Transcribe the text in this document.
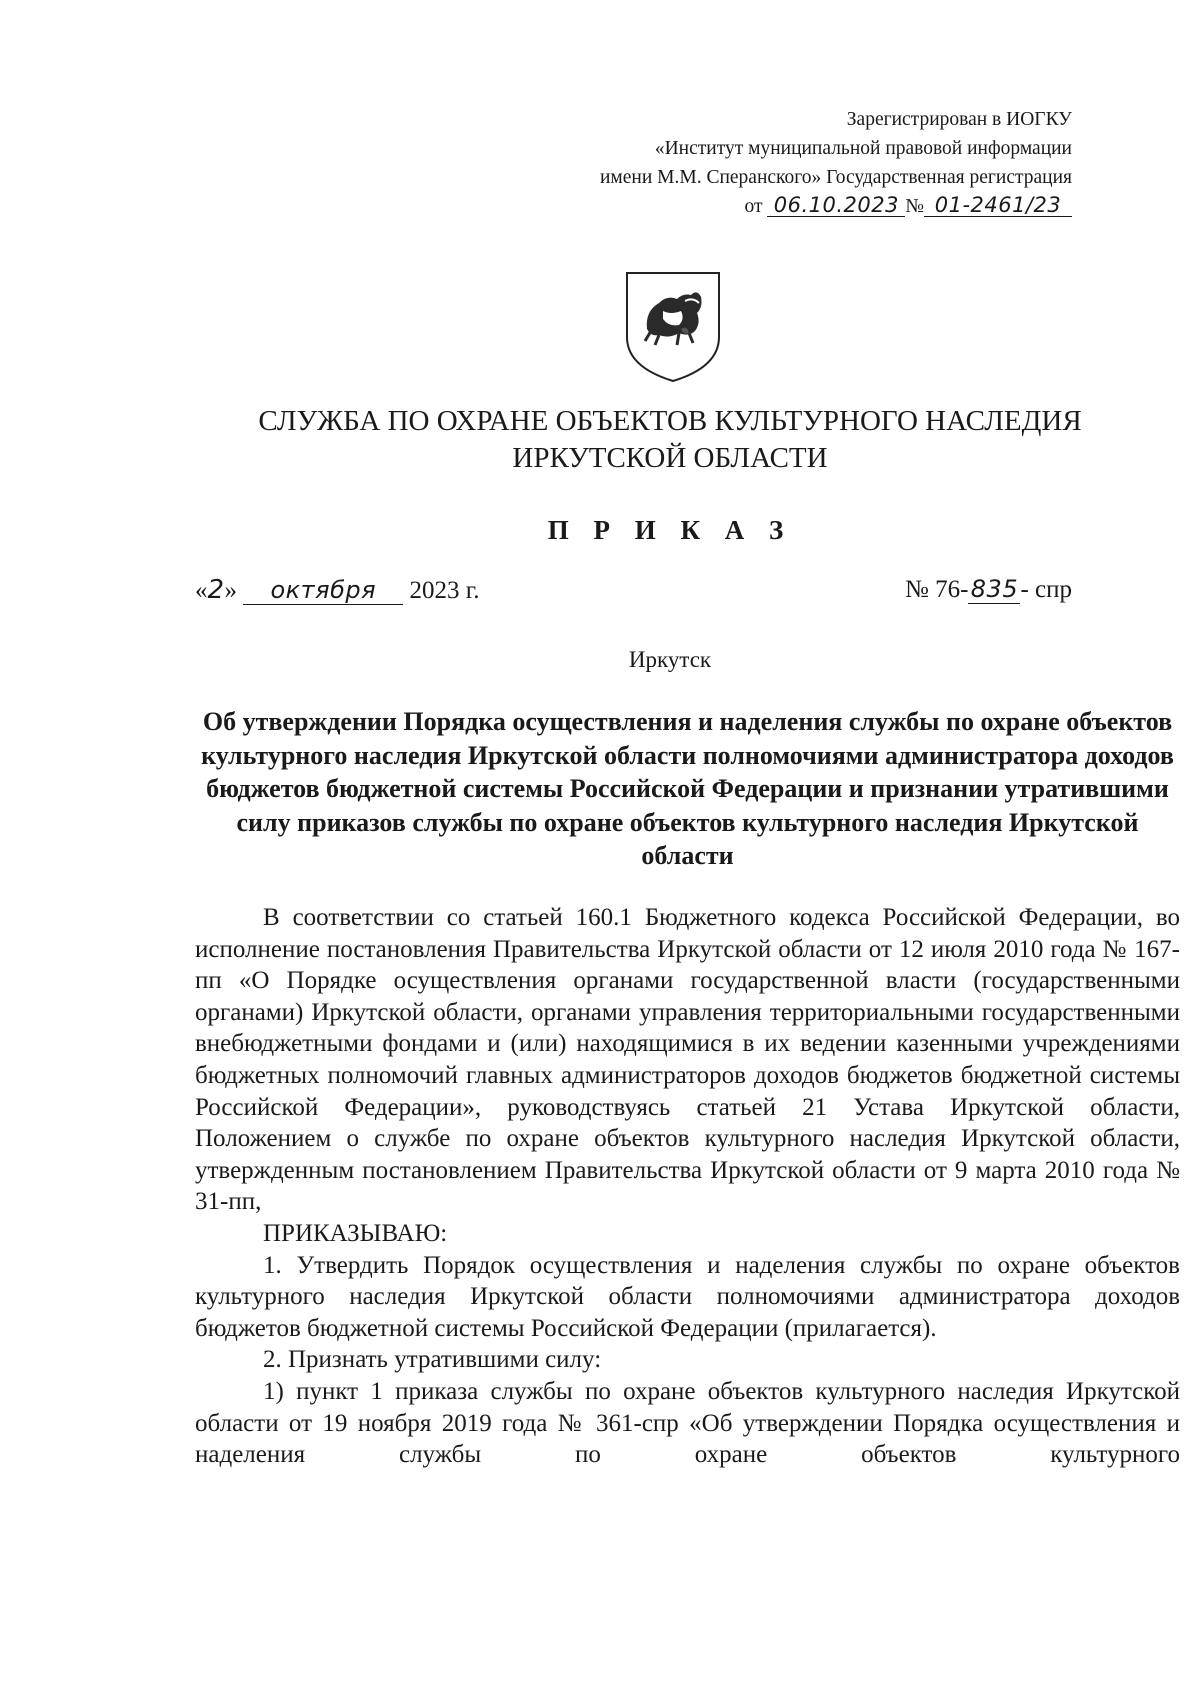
Зарегистрирован в ИОГКУ
«Институт муниципальной правовой информации
имени М.М. Сперанского» Государственная регистрация
от 06.10.2023 № 01-2461/23
СЛУЖБА ПО ОХРАНЕ ОБЪЕКТОВ КУЛЬТУРНОГО НАСЛЕДИЯ
ИРКУТСКОЙ ОБЛАСТИ
П Р И К А З
«2» октября 2023 г.	№ 76-835- спр
Иркутск
Об утверждении Порядка осуществления и наделения службы по охране объектов культурного наследия Иркутской области полномочиями администратора доходов бюджетов бюджетной системы Российской Федерации и признании утратившими силу приказов службы по охране объектов культурного наследия Иркутской области

В соответствии со статьей 160.1 Бюджетного кодекса Российской Федерации, во исполнение постановления Правительства Иркутской области от 12 июля 2010 года № 167-пп «О Порядке осуществления органами государственной власти (государственными органами) Иркутской области, органами управления территориальными государственными внебюджетными фондами и (или) находящимися в их ведении казенными учреждениями бюджетных полномочий главных администраторов доходов бюджетов бюджетной системы Российской Федерации», руководствуясь статьей 21 Устава Иркутской области, Положением о службе по охране объектов культурного наследия Иркутской области, утвержденным постановлением Правительства Иркутской области от 9 марта 2010 года № 31-пп,

ПРИКАЗЫВАЮ:

1. Утвердить Порядок осуществления и наделения службы по охране объектов культурного наследия Иркутской области полномочиями администратора доходов бюджетов бюджетной системы Российской Федерации (прилагается).

2. Признать утратившими силу:

1) пункт 1 приказа службы по охране объектов культурного наследия Иркутской области от 19 ноября 2019 года № 361-спр «Об утверждении Порядка осуществления и наделения службы по охране объектов культурного
